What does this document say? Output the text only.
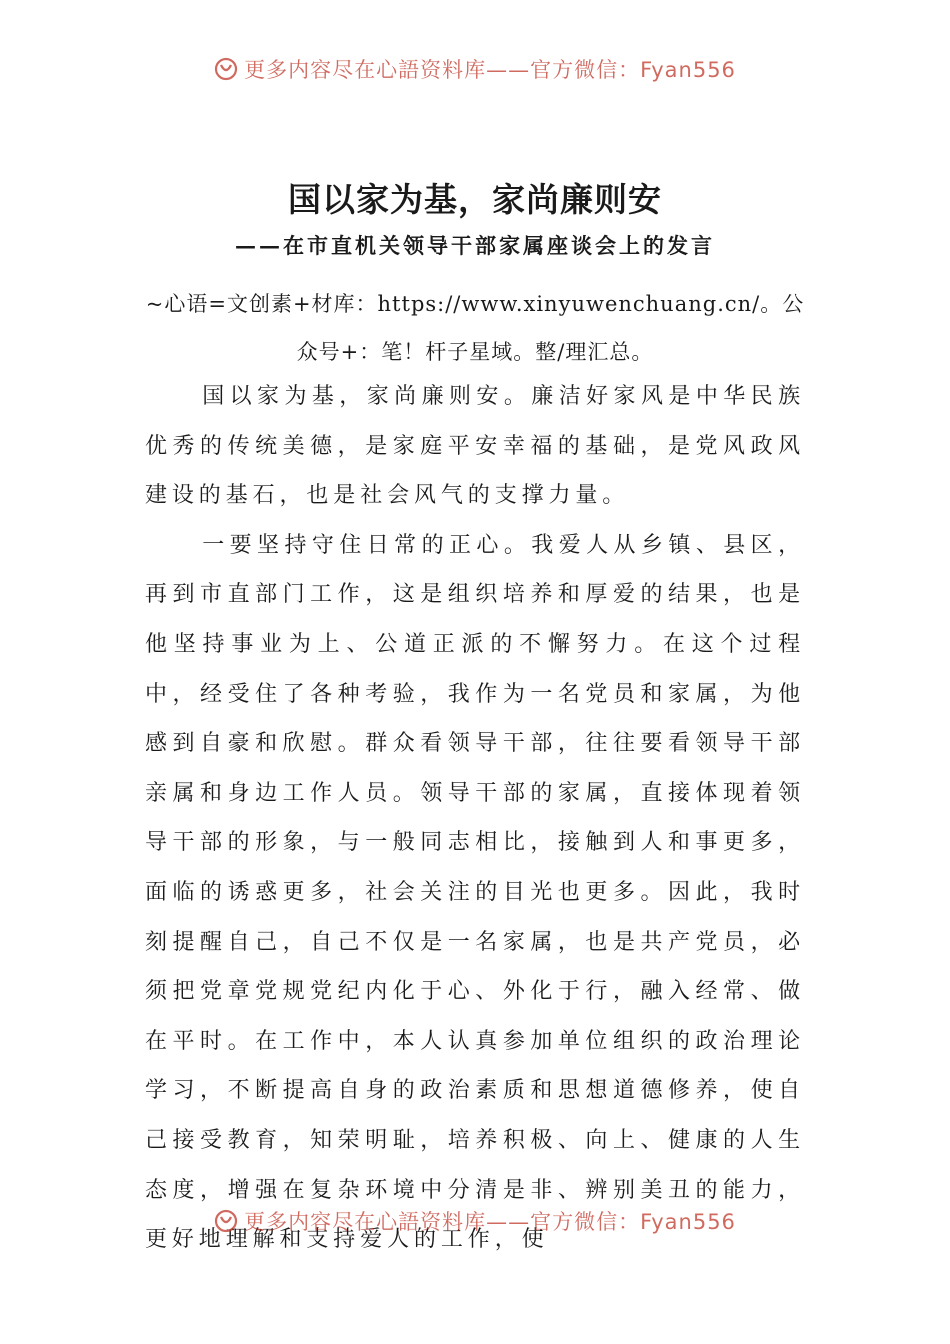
更多内容尽在心語资料库——官方微信：Fyan556
国以家为基，家尚廉则安
——在市直机关领导干部家属座谈会上的发言

~心语=文创素+材库：https://www.xinyuwenchuang.cn/。公众号+：笔！杆子星域。整/理汇总。

国以家为基，家尚廉则安。廉洁好家风是中华民族优秀的传统美德，是家庭平安幸福的基础，是党风政风建设的基石，也是社会风气的支撑力量。

一要坚持守住日常的正心。我爱人从乡镇、县区，再到市直部门工作，这是组织培养和厚爱的结果，也是他坚持事业为上、公道正派的不懈努力。在这个过程中，经受住了各种考验，我作为一名党员和家属，为他感到自豪和欣慰。群众看领导干部，往往要看领导干部亲属和身边工作人员。领导干部的家属，直接体现着领导干部的形象，与一般同志相比，接触到人和事更多，面临的诱惑更多，社会关注的目光也更多。因此，我时刻提醒自己，自己不仅是一名家属，也是共产党员，必须把党章党规党纪内化于心、外化于行，融入经常、做在平时。在工作中，本人认真参加单位组织的政治理论学习，不断提高自身的政治素质和思想道德修养，使自己接受教育，知荣明耻，培养积极、向上、健康的人生态度，增强在复杂环境中分清是非、辨别美丑的能力，更好地理解和支持爱人的工作，使

更多内容尽在心語资料库——官方微信：Fyan556
